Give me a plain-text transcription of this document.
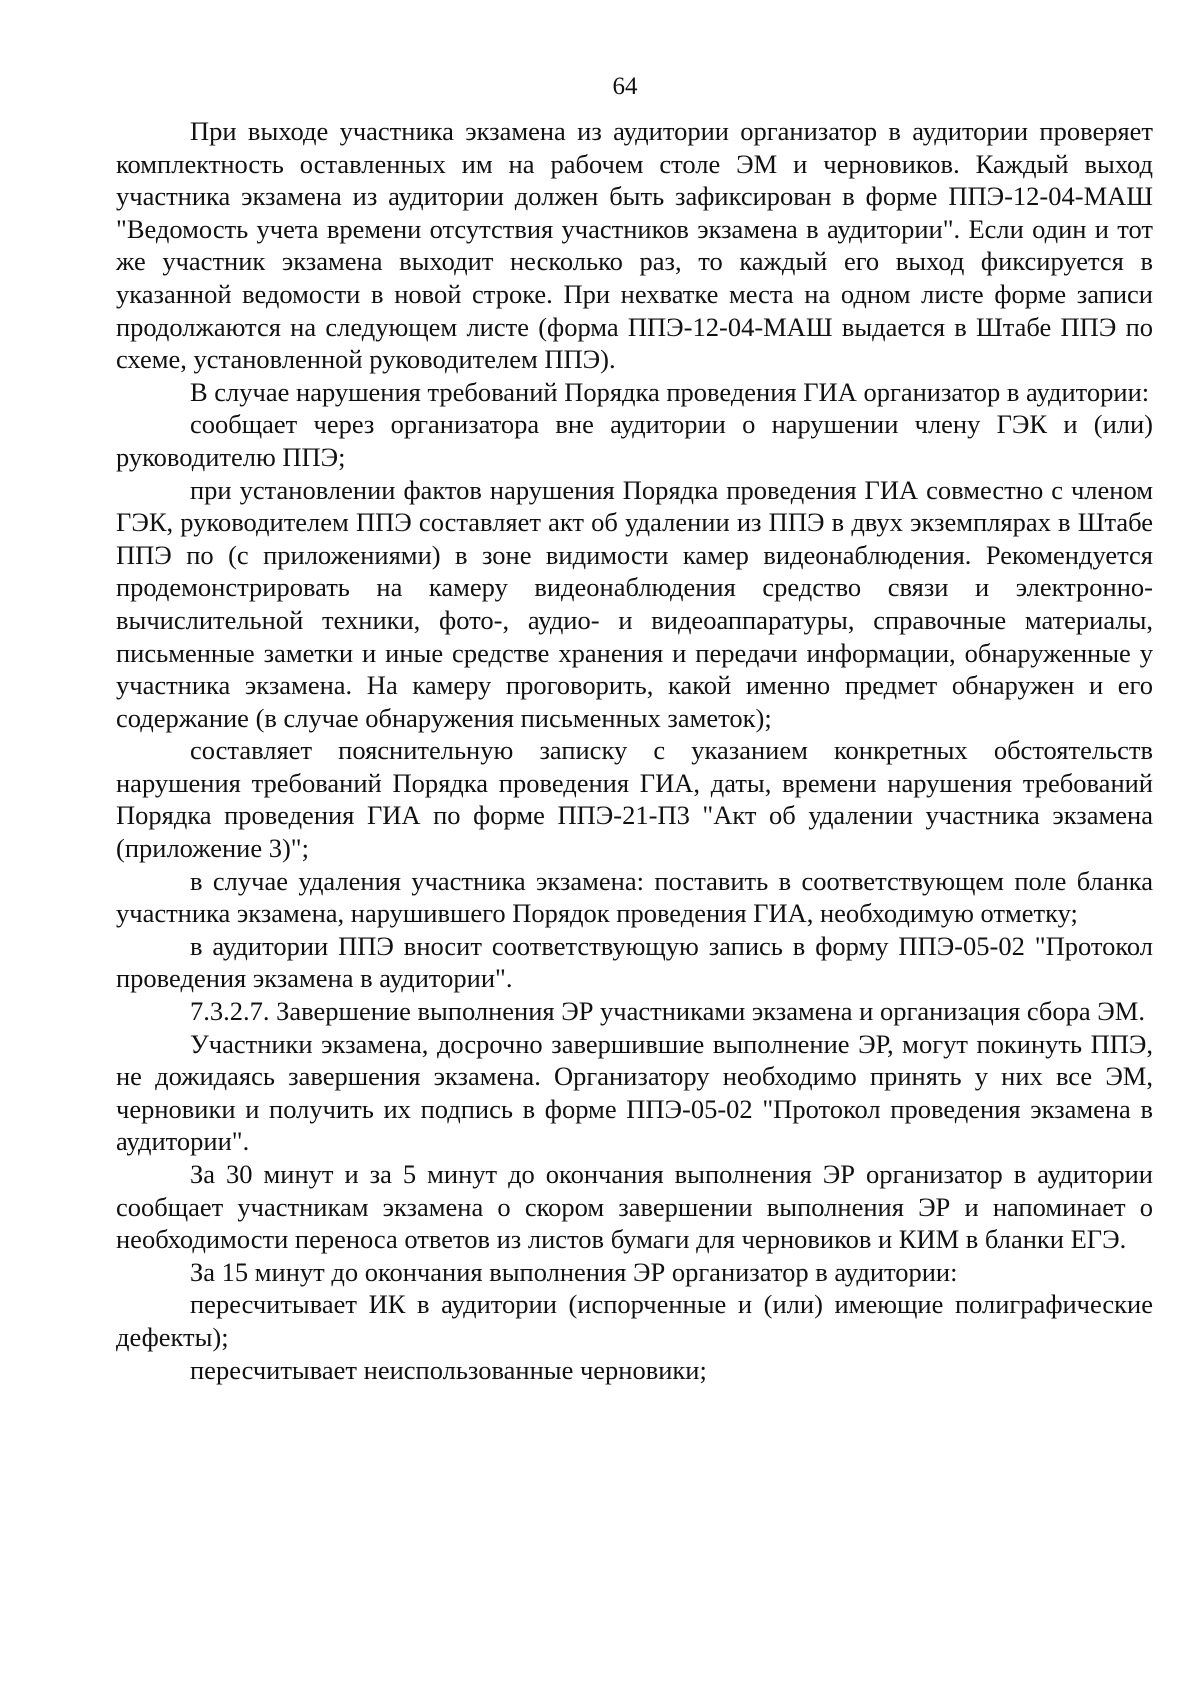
64

При выходе участника экзамена из аудитории организатор в аудитории проверяет комплектность оставленных им на рабочем столе ЭМ и черновиков. Каждый выход участника экзамена из аудитории должен быть зафиксирован в форме ППЭ-12-04-МАШ "Ведомость учета времени отсутствия участников экзамена в аудитории". Если один и тот же участник экзамена выходит несколько раз, то каждый его выход фиксируется в указанной ведомости в новой строке. При нехватке места на одном листе форме записи продолжаются на следующем листе (форма ППЭ-12-04-МАШ выдается в Штабе ППЭ по схеме, установленной руководителем ППЭ).

В случае нарушения требований Порядка проведения ГИА организатор в аудитории:

сообщает через организатора вне аудитории о нарушении члену ГЭК и (или) руководителю ППЭ;

при установлении фактов нарушения Порядка проведения ГИА совместно с членом ГЭК, руководителем ППЭ составляет акт об удалении из ППЭ в двух экземплярах в Штабе ППЭ по (с приложениями) в зоне видимости камер видеонаблюдения. Рекомендуется продемонстрировать на камеру видеонаблюдения средство связи и электронно-вычислительной техники, фото-, аудио- и видеоаппаратуры, справочные материалы, письменные заметки и иные средстве хранения и передачи информации, обнаруженные у участника экзамена. На камеру проговорить, какой именно предмет обнаружен и его содержание (в случае обнаружения письменных заметок);

составляет пояснительную записку с указанием конкретных обстоятельств нарушения требований Порядка проведения ГИА, даты, времени нарушения требований Порядка проведения ГИА по форме ППЭ-21-П3 "Акт об удалении участника экзамена (приложение 3)";

в случае удаления участника экзамена: поставить в соответствующем поле бланка участника экзамена, нарушившего Порядок проведения ГИА, необходимую отметку;

в аудитории ППЭ вносит соответствующую запись в форму ППЭ-05-02 "Протокол проведения экзамена в аудитории".

7.3.2.7. Завершение выполнения ЭР участниками экзамена и организация сбора ЭМ.

Участники экзамена, досрочно завершившие выполнение ЭР, могут покинуть ППЭ, не дожидаясь завершения экзамена. Организатору необходимо принять у них все ЭМ, черновики и получить их подпись в форме ППЭ-05-02 "Протокол проведения экзамена в аудитории".

За 30 минут и за 5 минут до окончания выполнения ЭР организатор в аудитории сообщает участникам экзамена о скором завершении выполнения ЭР и напоминает о необходимости переноса ответов из листов бумаги для черновиков и КИМ в бланки ЕГЭ.

За 15 минут до окончания выполнения ЭР организатор в аудитории:

пересчитывает ИК в аудитории (испорченные и (или) имеющие полиграфические дефекты);

пересчитывает неиспользованные черновики;
